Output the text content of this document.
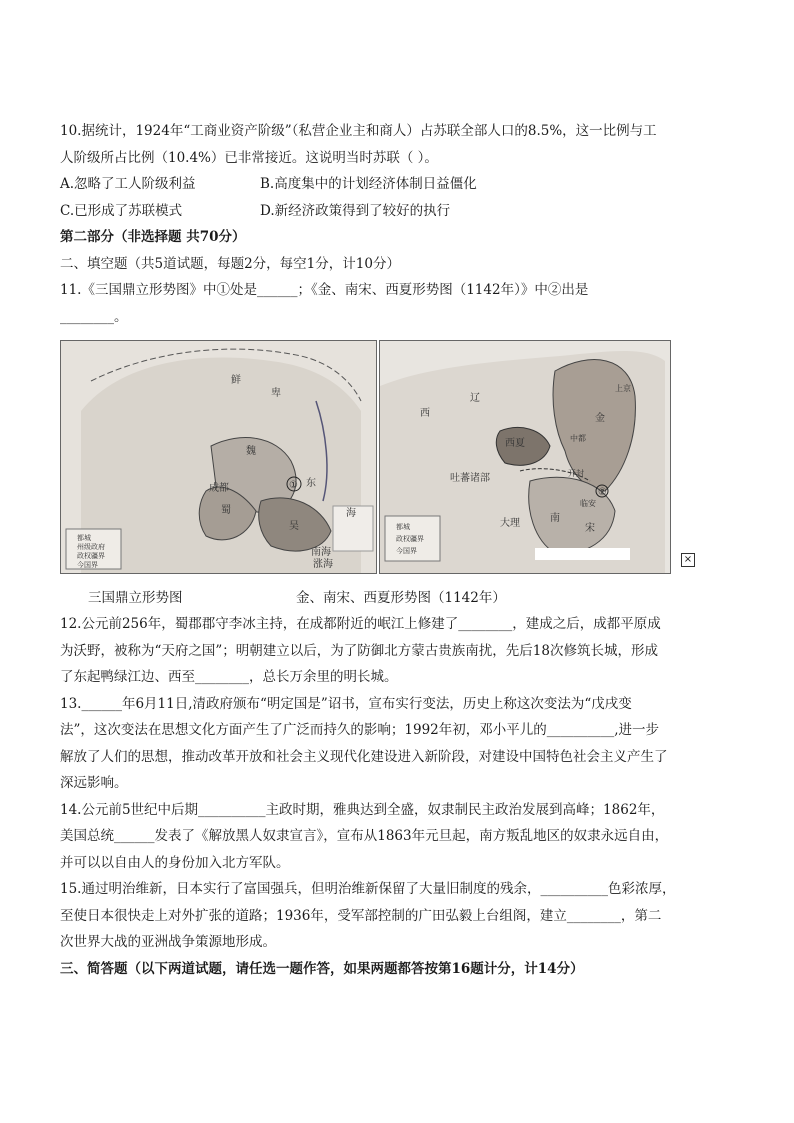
10.据统计，1924年“工商业资产阶级”（私营企业主和商人）占苏联全部人口的8.5%，这一比例与工
人阶级所占比例（10.4%）已非常接近。这说明当时苏联（ ）。
A.忽略了工人阶级利益	B.高度集中的计划经济体制日益僵化
C.已形成了苏联模式	D.新经济政策得到了较好的执行
第二部分（非选择题 共70分）
二、填空题（共5道试题，每题2分，每空1分，计10分）
11.《三国鼎立形势图》中①处是______；《金、南宋、西夏形势图（1142年）》中②出是
________。
鲜
卑
魏
东
蜀
吴
海
南海
涨海
成都	①
都城
州级政府
政权疆界
今国界
西
辽
金
西夏
吐蕃诸部
大理	南
宋
上京
中都
开封
临安
②
都城
政权疆界
今国界
×
三国鼎立形势图	金、南宋、西夏形势图（1142年）
12.公元前256年，蜀郡郡守李冰主持，在成都附近的岷江上修建了________，建成之后，成都平原成
为沃野，被称为“天府之国”；明朝建立以后，为了防御北方蒙古贵族南扰，先后18次修筑长城，形成
了东起鸭绿江边、西至________，总长万余里的明长城。
13.______年6月11日,清政府颁布“明定国是”诏书，宣布实行变法，历史上称这次变法为“戊戌变
法”，这次变法在思想文化方面产生了广泛而持久的影响；1992年初，邓小平儿的__________,进一步
解放了人们的思想，推动改革开放和社会主义现代化建设进入新阶段，对建设中国特色社会主义产生了
深远影响。
14.公元前5世纪中后期__________主政时期，雅典达到全盛，奴隶制民主政治发展到高峰；1862年，
美国总统______发表了《解放黑人奴隶宣言》，宣布从1863年元旦起，南方叛乱地区的奴隶永远自由，
并可以以自由人的身份加入北方军队。
15.通过明治维新，日本实行了富国强兵，但明治维新保留了大量旧制度的残余，__________色彩浓厚，
至使日本很快走上对外扩张的道路；1936年，受军部控制的广田弘毅上台组阁，建立________，第二
次世界大战的亚洲战争策源地形成。
三、简答题（以下两道试题，请任选一题作答，如果两题都答按第16题计分，计14分）
